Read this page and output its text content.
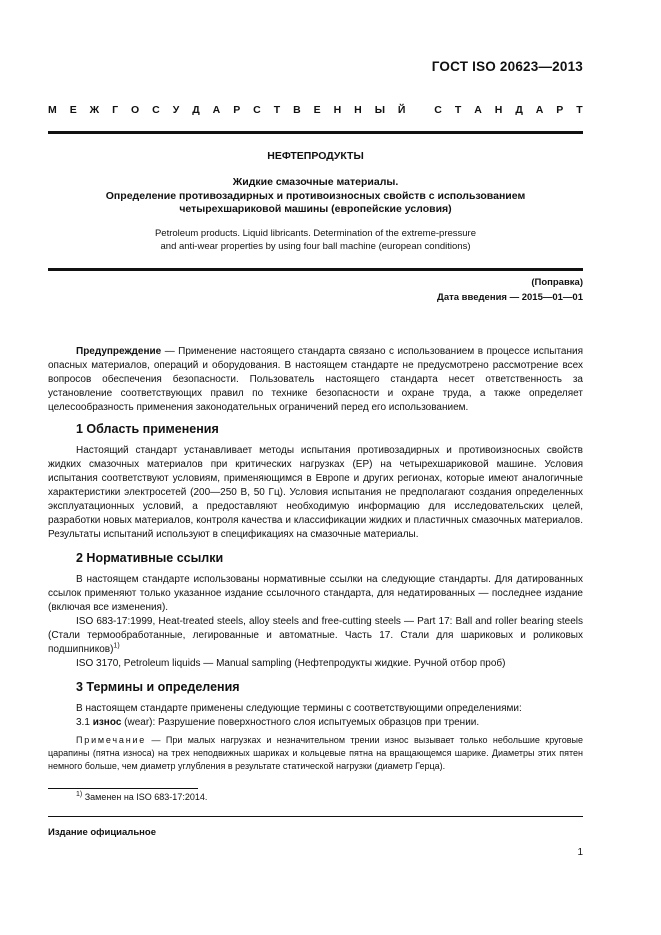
ГОСТ ISO 20623—2013
М Е Ж Г О С У Д А Р С Т В Е Н Н Ы Й
	С Т А Н Д А Р Т
НЕФТЕПРОДУКТЫ
Жидкие смазочные материалы.
Определение противозадирных и противоизносных свойств с использованием
четырехшариковой машины (европейские условия)
Petroleum products. Liquid libricants. Determination of the extreme-pressure
and anti-wear properties by using four ball machine (european conditions)
(Поправка)
Дата введения — 2015—01—01

Предупреждение — Применение настоящего стандарта связано с использованием в процессе испытания опасных материалов, операций и оборудования. В настоящем стандарте не предусмотрено рассмотрение всех вопросов обеспечения безопасности. Пользователь настоящего стандарта несет ответственность за установление соответствующих правил по технике безопасности и охране труда, а также определяет целесообразность применения законодательных ограничений перед его использованием.

1 Область применения

Настоящий стандарт устанавливает методы испытания противозадирных и противоизносных свойств жидких смазочных материалов при критических нагрузках (ЕР) на четырехшариковой машине. Условия испытания соответствуют условиям, применяющимся в Европе и других регионах, которые имеют аналогичные характеристики электросетей (200—250 В, 50 Гц). Условия испытания не предполагают создания определенных эксплуатационных условий, а предоставляют необходимую информацию для исследовательских целей, разработки новых материалов, контроля качества и классификации жидких и пластичных смазочных материалов. Результаты испытаний используют в спецификациях на смазочные материалы.

2 Нормативные ссылки

В настоящем стандарте использованы нормативные ссылки на следующие стандарты. Для датированных ссылок применяют только указанное издание ссылочного стандарта, для недатированных — последнее издание (включая все изменения).

ISO 683-17:1999, Heat-treated steels, alloy steels and free-cutting steels — Part 17: Ball and roller bearing steels (Стали термообработанные, легированные и автоматные. Часть 17. Стали для шариковых и роликовых подшипников)$^{1)}$

ISO 3170, Petroleum liquids — Manual sampling (Нефтепродукты жидкие. Ручной отбор проб)

3 Термины и определения

В настоящем стандарте применены следующие термины с соответствующими определениями:

3.1 износ (wear): Разрушение поверхностного слоя испытуемых образцов при трении.

Примечание — При малых нагрузках и незначительном трении износ вызывает только небольшие круговые царапины (пятна износа) на трех неподвижных шариках и кольцевые пятна на вращающемся шарике. Диаметры этих пятен немного больше, чем диаметр углубления в результате статической нагрузки (диаметр Герца).

$^{1)}$ Заменен на ISO 683-17:2014.
Издание официальное
1
